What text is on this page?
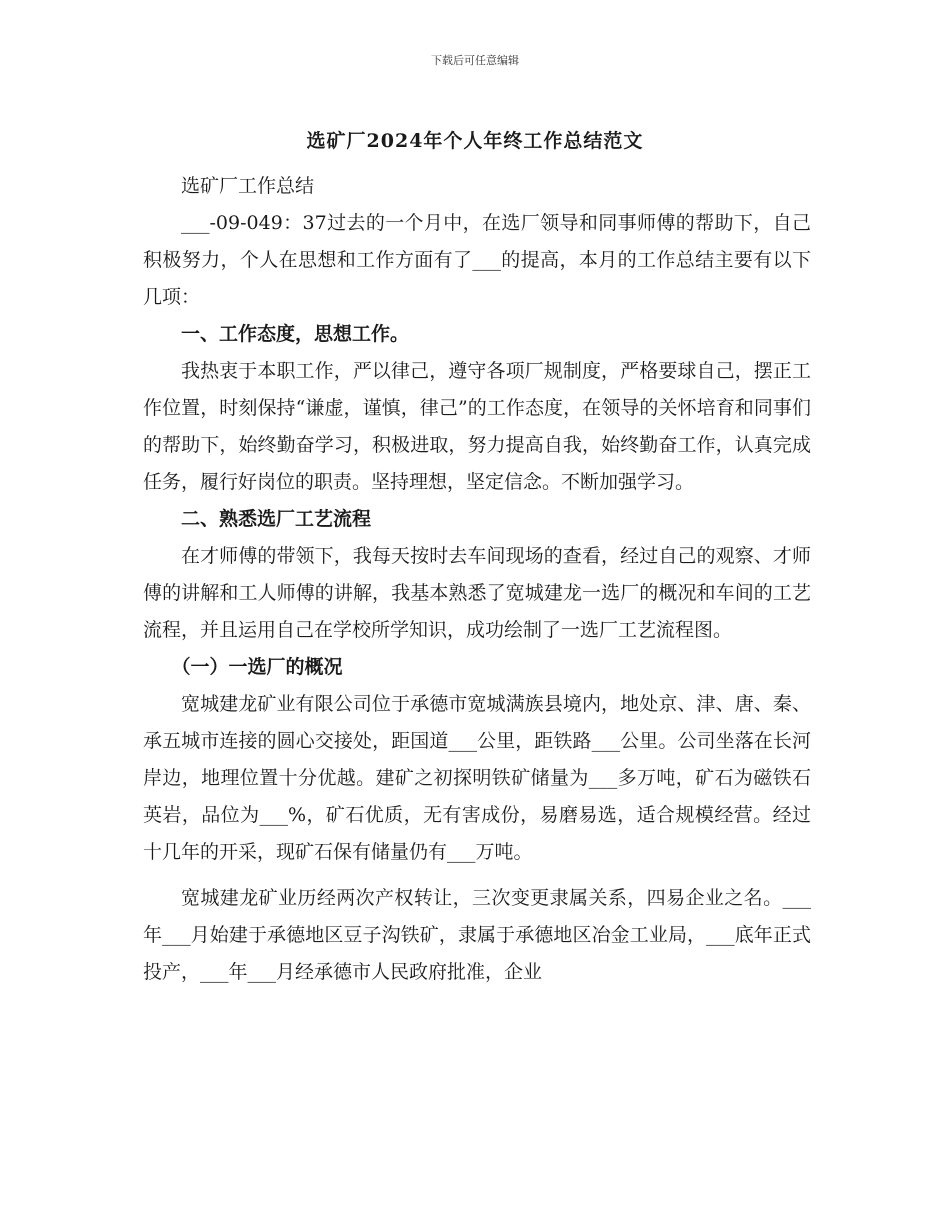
下载后可任意编辑
选矿厂2024年个人年终工作总结范文

选矿厂工作总结

___-09-049：37过去的一个月中，在选厂领导和同事师傅的帮助下，自己积极努力，个人在思想和工作方面有了___的提高，本月的工作总结主要有以下几项：

一、工作态度，思想工作。

我热衷于本职工作，严以律己，遵守各项厂规制度，严格要球自己，摆正工作位置，时刻保持“谦虚，谨慎，律己”的工作态度，在领导的关怀培育和同事们的帮助下，始终勤奋学习，积极进取，努力提高自我，始终勤奋工作，认真完成任务，履行好岗位的职责。坚持理想，坚定信念。不断加强学习。

二、熟悉选厂工艺流程

在才师傅的带领下，我每天按时去车间现场的查看，经过自己的观察、才师傅的讲解和工人师傅的讲解，我基本熟悉了宽城建龙一选厂的概况和车间的工艺流程，并且运用自己在学校所学知识，成功绘制了一选厂工艺流程图。

（一）一选厂的概况

宽城建龙矿业有限公司位于承德市宽城满族县境内，地处京、津、唐、秦、承五城市连接的圆心交接处，距国道___公里，距铁路___公里。公司坐落在长河岸边，地理位置十分优越。建矿之初探明铁矿储量为___多万吨，矿石为磁铁石英岩，品位为___%，矿石优质，无有害成份，易磨易选，适合规模经营。经过十几年的开采，现矿石保有储量仍有___万吨。

宽城建龙矿业历经两次产权转让，三次变更隶属关系，四易企业之名。___年___月始建于承德地区豆子沟铁矿，隶属于承德地区冶金工业局，___底年正式投产，___年___月经承德市人民政府批准，企业
